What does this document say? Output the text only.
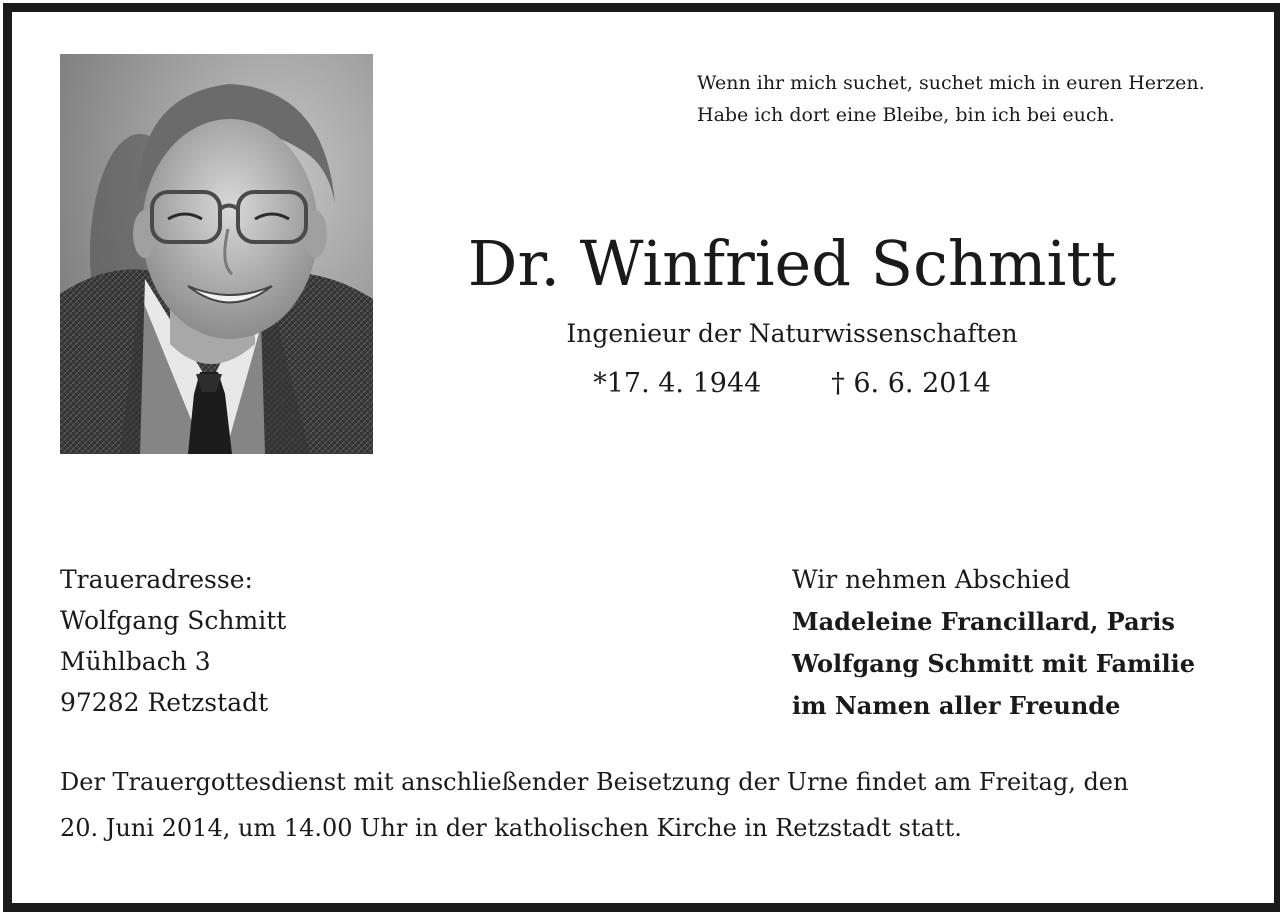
Wenn ihr mich suchet, suchet mich in euren Herzen.
Habe ich dort eine Bleibe, bin ich bei euch.
Dr. Winfried Schmitt
Ingenieur der Naturwissenschaften
*17. 4. 1944	† 6. 6. 2014
Traueradresse:
Wolfgang Schmitt
Mühlbach 3
97282 Retzstadt
Wir nehmen Abschied
Madeleine Francillard, Paris
Wolfgang Schmitt mit Familie
im Namen aller Freunde
Der Trauergottesdienst mit anschließender Beisetzung der Urne findet am Freitag, den
20. Juni 2014, um 14.00 Uhr in der katholischen Kirche in Retzstadt statt.
